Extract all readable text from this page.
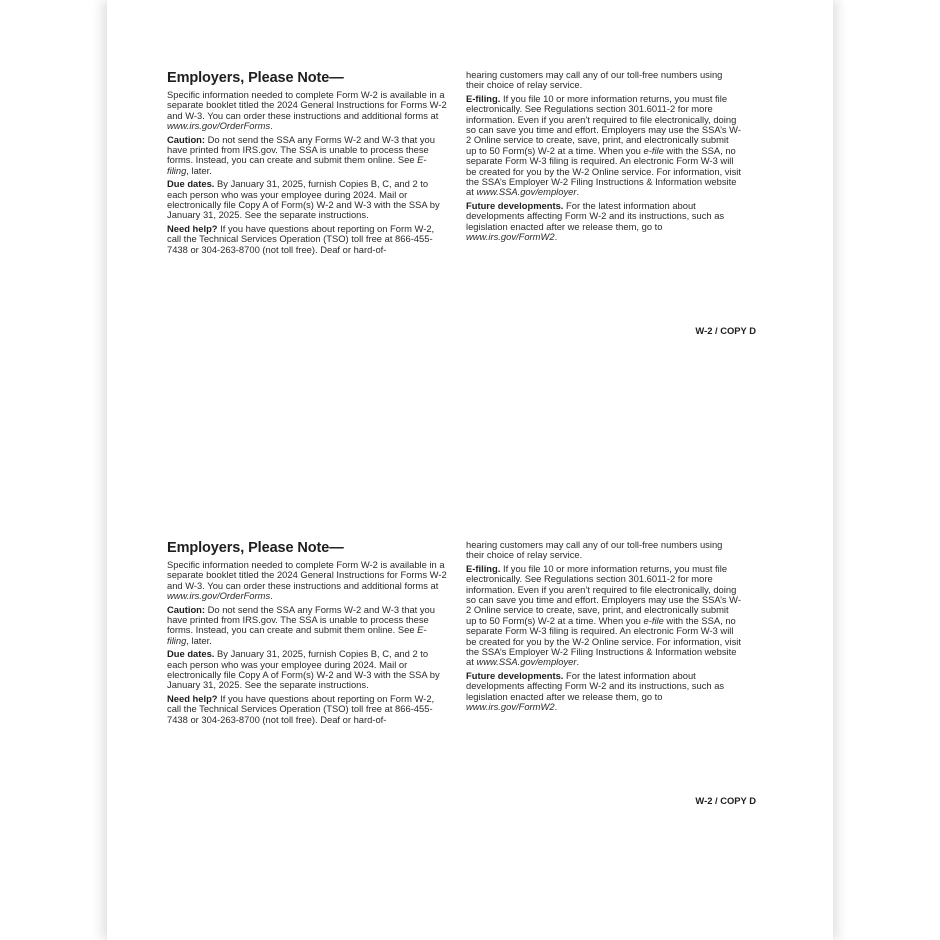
Employers, Please Note—

Specific information needed to complete Form W-2 is available in a separate booklet titled the 2024 General Instructions for Forms W-2 and W-3. You can order these instructions and additional forms at www.irs.gov/OrderForms.

Caution: Do not send the SSA any Forms W-2 and W-3 that you have printed from IRS.gov. The SSA is unable to process these forms. Instead, you can create and submit them online. See E-filing, later.

Due dates. By January 31, 2025, furnish Copies B, C, and 2 to each person who was your employee during 2024. Mail or electronically file Copy A of Form(s) W-2 and W-3 with the SSA by January 31, 2025. See the separate instructions.

Need help? If you have questions about reporting on Form W-2, call the Technical Services Operation (TSO) toll free at 866-455-7438 or 304-263-8700 (not toll free). Deaf or hard-of-

hearing customers may call any of our toll-free numbers using their choice of relay service.

E-filing. If you file 10 or more information returns, you must file electronically. See Regulations section 301.6011-2 for more information. Even if you aren’t required to file electronically, doing so can save you time and effort. Employers may use the SSA’s W-2 Online service to create, save, print, and electronically submit up to 50 Form(s) W-2 at a time. When you e-file with the SSA, no separate Form W-3 filing is required. An electronic Form W-3 will be created for you by the W-2 Online service. For information, visit the SSA’s Employer W-2 Filing Instructions & Information website at www.SSA.gov/employer.

Future developments. For the latest information about developments affecting Form W-2 and its instructions, such as legislation enacted after we release them, go to www.irs.gov/FormW2.

W-2 / COPY D
Employers, Please Note—

Specific information needed to complete Form W-2 is available in a separate booklet titled the 2024 General Instructions for Forms W-2 and W-3. You can order these instructions and additional forms at www.irs.gov/OrderForms.

Caution: Do not send the SSA any Forms W-2 and W-3 that you have printed from IRS.gov. The SSA is unable to process these forms. Instead, you can create and submit them online. See E-filing, later.

Due dates. By January 31, 2025, furnish Copies B, C, and 2 to each person who was your employee during 2024. Mail or electronically file Copy A of Form(s) W-2 and W-3 with the SSA by January 31, 2025. See the separate instructions.

Need help? If you have questions about reporting on Form W-2, call the Technical Services Operation (TSO) toll free at 866-455-7438 or 304-263-8700 (not toll free). Deaf or hard-of-

hearing customers may call any of our toll-free numbers using their choice of relay service.

E-filing. If you file 10 or more information returns, you must file electronically. See Regulations section 301.6011-2 for more information. Even if you aren’t required to file electronically, doing so can save you time and effort. Employers may use the SSA’s W-2 Online service to create, save, print, and electronically submit up to 50 Form(s) W-2 at a time. When you e-file with the SSA, no separate Form W-3 filing is required. An electronic Form W-3 will be created for you by the W-2 Online service. For information, visit the SSA’s Employer W-2 Filing Instructions & Information website at www.SSA.gov/employer.

Future developments. For the latest information about developments affecting Form W-2 and its instructions, such as legislation enacted after we release them, go to www.irs.gov/FormW2.

W-2 / COPY D
